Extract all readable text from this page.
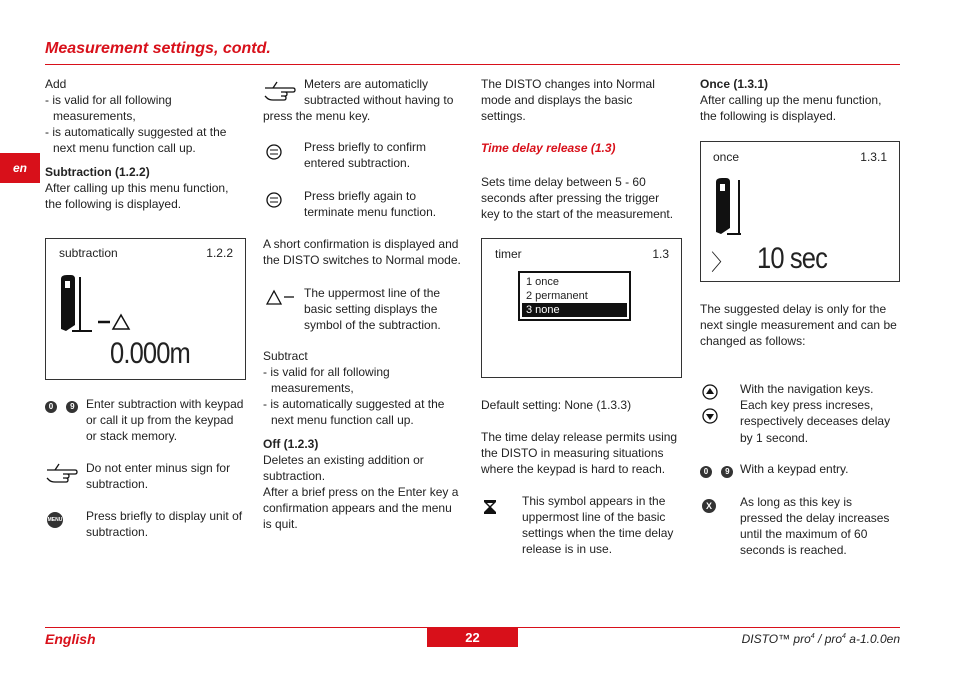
Measurement settings, contd.
en

Add

- is valid for all following

measurements,

- is automatically suggested at the

next menu function call up.

Subtraction (1.2.2)

After calling up this menu function,

the following is displayed.

subtraction	1.2.2
0.000m
0 9 Enter subtraction with keypad

or call it up from the keypad

or stack memory.

Do not enter minus sign for

subtraction.

MENU Press briefly to display unit of

subtraction.

Meters are automaticlly

subtracted without having to

press the menu key.

Press briefly to confirm

entered subtraction.

Press briefly again to

terminate menu function.

A short confirmation is displayed and

the DISTO switches to Normal mode.

The uppermost line of the

basic setting displays the

symbol of the subtraction.

Subtract

- is valid for all following

measurements,

- is automatically suggested at the

next menu function call up.

Off (1.2.3)

Deletes an existing addition or

subtraction.

After a brief press on the Enter key a

confirmation appears and the menu

is quit.

The DISTO changes into Normal

mode and displays the basic

settings.

Time delay release (1.3)

Sets time delay between 5 - 60

seconds after pressing the trigger

key to the start of the measurement.

timer	1.3
1 once
2 permanent
3 none

Default setting: None (1.3.3)

The time delay release permits using

the DISTO in measuring situations

where the keypad is hard to reach.

This symbol appears in the

uppermost line of the basic

settings when the time delay

release is in use.

Once (1.3.1)

After calling up the menu function,

the following is displayed.

once	1.3.1
〉 10 sec

The suggested delay is only for the

next single measurement and can be

changed as follows:

With the navigation keys.

Each key press increses,

respectively deceases delay

by 1 second.

0 9 With a keypad entry.

X	As long as this key is

pressed the delay increases

until the maximum of 60

seconds is reached.

English	22	DISTO™ pro$^4$ / pro$^4$ a-1.0.0en
